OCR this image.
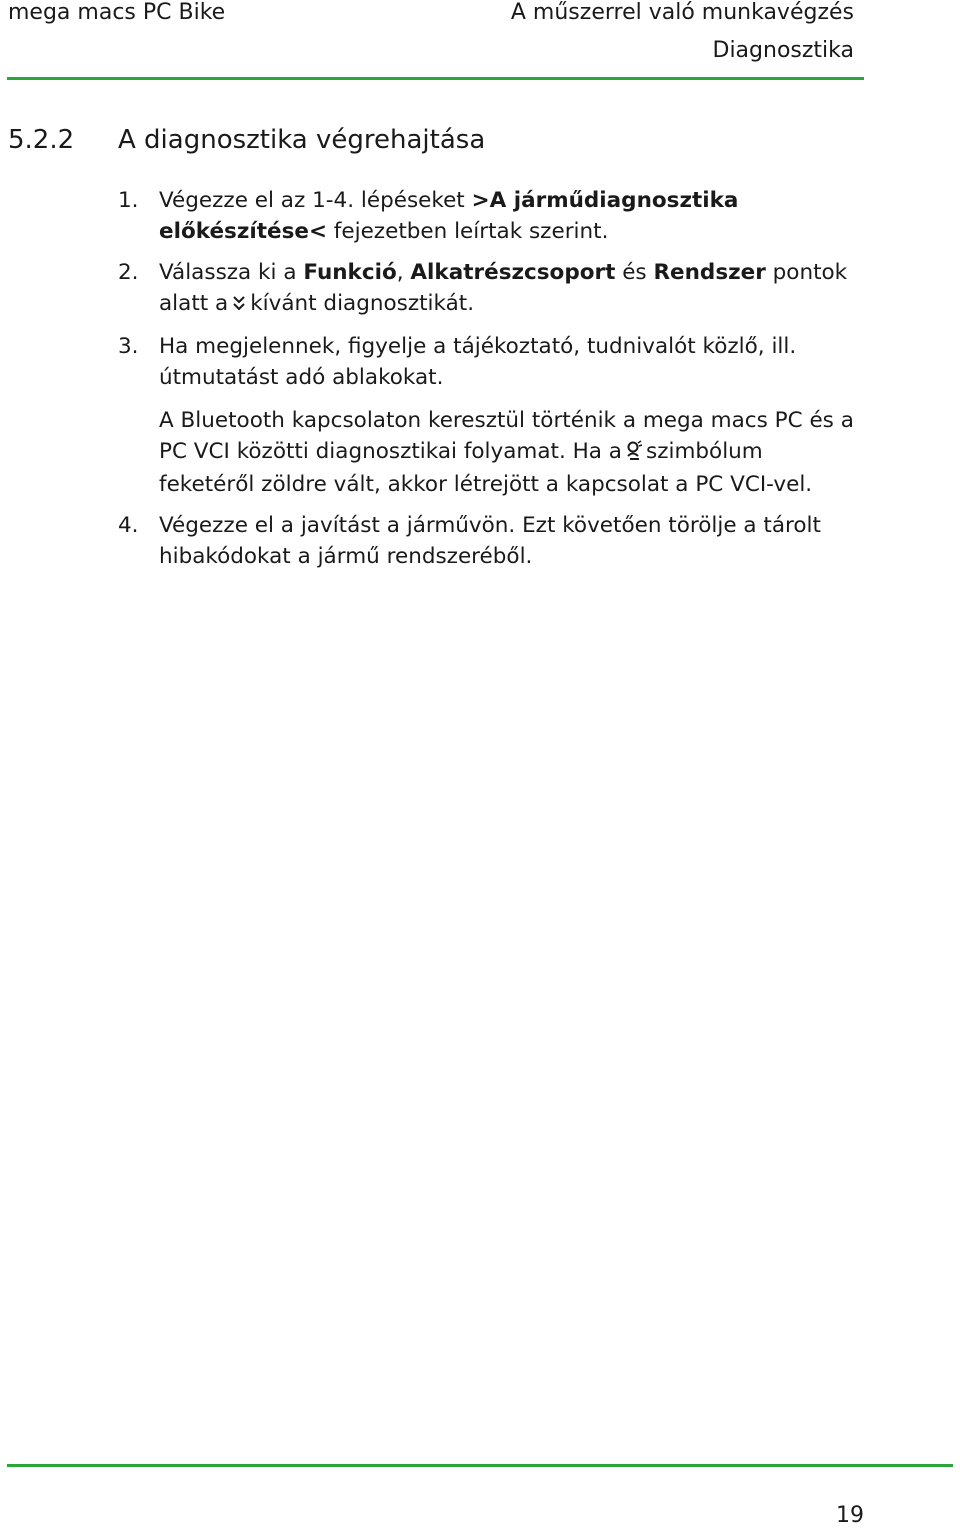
mega macs PC Bike	A műszerrel való munkavégzés
Diagnosztika
5.2.2 A diagnosztika végrehajtása
1. Végezze el az 1-4. lépéseket >A járműdiagnosztika előkészítése< fejezetben leírtak szerint.
2. Válassza ki a Funkció, Alkatrészcsoport és Rendszer pontok alatt a kívánt diagnosztikát.
3. Ha megjelennek, figyelje a tájékoztató, tudnivalót közlő, ill. útmutatást adó ablakokat.
A Bluetooth kapcsolaton keresztül történik a mega macs PC és a PC VCI közötti diagnosztikai folyamat. Ha a szimbólum feketéről zöldre vált, akkor létrejött a kapcsolat a PC VCI-vel.
4. Végezze el a javítást a járművön. Ezt követően törölje a tárolt hibakódokat a jármű rendszeréből.
19
